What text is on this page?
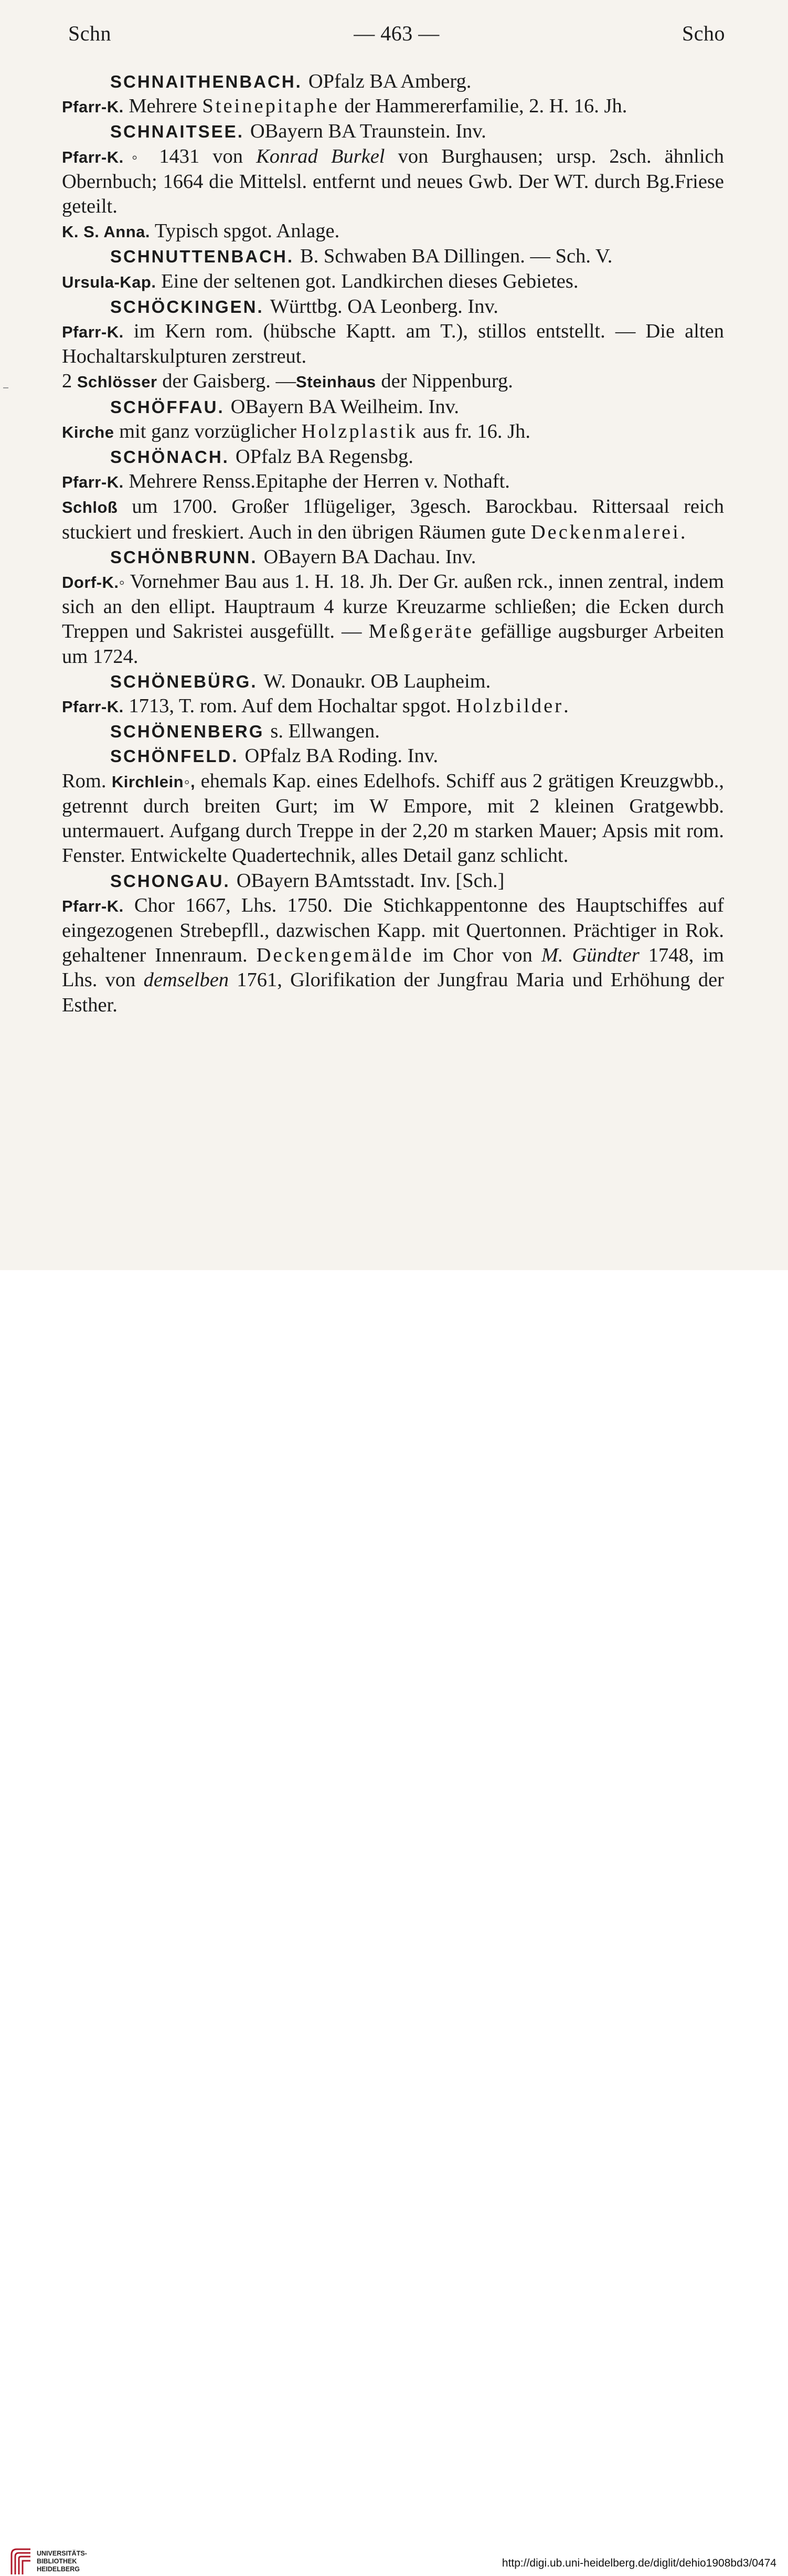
Schn	— 463 —	Scho
SCHNAITHENBACH. OPfalz BA Amberg.
Pfarr-K. Mehrere Steinepitaphe der Hammererfamilie, 2. H. 16. Jh.
SCHNAITSEE. OBayern BA Traunstein. Inv.
Pfarr-K.◦ 1431 von Konrad Burkel von Burghausen; ursp. 2sch. ähnlich Obernbuch; 1664 die Mittelsl. entfernt und neues Gwb. Der WT. durch Bg.Friese geteilt.
K. S. Anna. Typisch spgot. Anlage.
SCHNUTTENBACH. B. Schwaben BA Dillingen. — Sch. V.
Ursula-Kap. Eine der seltenen got. Landkirchen dieses Gebietes.
SCHÖCKINGEN. Württbg. OA Leonberg. Inv.
Pfarr-K. im Kern rom. (hübsche Kaptt. am T.), stillos entstellt. — Die alten Hochaltarskulpturen zerstreut.
2 Schlösser der Gaisberg. —Steinhaus der Nippenburg.
SCHÖFFAU. OBayern BA Weilheim. Inv.
Kirche mit ganz vorzüglicher Holzplastik aus fr. 16. Jh.
SCHÖNACH. OPfalz BA Regensbg.
Pfarr-K. Mehrere Renss.Epitaphe der Herren v. Nothaft.
Schloß um 1700. Großer 1flügeliger, 3gesch. Barockbau. Rittersaal reich stuckiert und freskiert. Auch in den übrigen Räumen gute Deckenmalerei.
SCHÖNBRUNN. OBayern BA Dachau. Inv.
Dorf-K.◦ Vornehmer Bau aus 1. H. 18. Jh. Der Gr. außen rck., innen zentral, indem sich an den ellipt. Hauptraum 4 kurze Kreuzarme schließen; die Ecken durch Treppen und Sakristei ausgefüllt. — Meßgeräte gefällige augsburger Arbeiten um 1724.
SCHÖNEBÜRG. W. Donaukr. OB Laupheim.
Pfarr-K. 1713, T. rom. Auf dem Hochaltar spgot. Holzbilder.
SCHÖNENBERG s. Ellwangen.
SCHÖNFELD. OPfalz BA Roding. Inv.
Rom. Kirchlein◦, ehemals Kap. eines Edelhofs. Schiff aus 2 grätigen Kreuzgwbb., getrennt durch breiten Gurt; im W Empore, mit 2 kleinen Gratgewbb. untermauert. Aufgang durch Treppe in der 2,20 m starken Mauer; Apsis mit rom. Fenster. Entwickelte Quadertechnik, alles Detail ganz schlicht.
SCHONGAU. OBayern BAmtsstadt. Inv. [Sch.]
Pfarr-K. Chor 1667, Lhs. 1750. Die Stichkappentonne des Hauptschiffes auf eingezogenen Strebepfll., dazwischen Kapp. mit Quertonnen. Prächtiger in Rok. gehaltener Innenraum. Deckengemälde im Chor von M. Gündter 1748, im Lhs. von demselben 1761, Glorifikation der Jungfrau Maria und Erhöhung der Esther.
UNIVERSITÄTS-
BIBLIOTHEK
HEIDELBERG	http://digi.ub.uni-heidelberg.de/diglit/dehio1908bd3/0474
